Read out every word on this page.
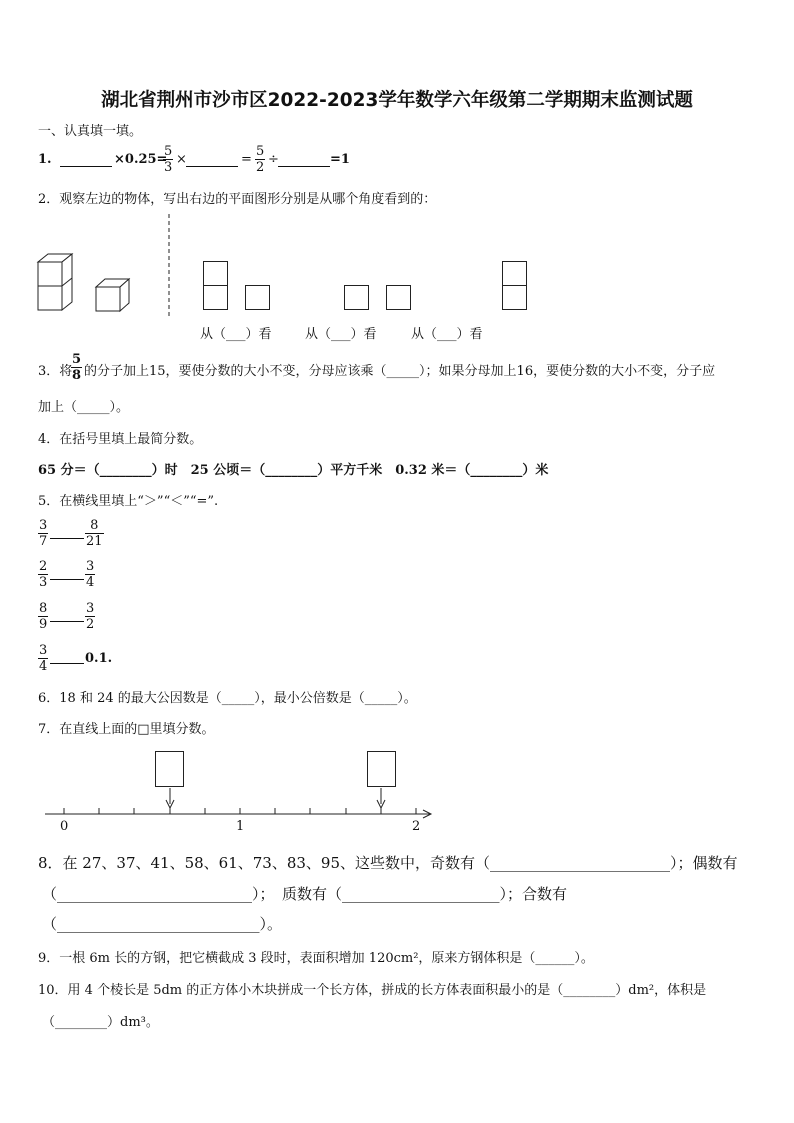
湖北省荆州市沙市区2022-2023学年数学六年级第二学期期末监测试题
一、认真填一填。
1.	×0.25=
$\frac{5}{3}$ ×	= $\frac{5}{2}$ ÷	=1
2．观察左边的物体，写出右边的平面图形分别是从哪个角度看到的：
从（___）看	从（___）看	从（___）看
3．将
$\frac{5}{8}$ 的分子加上15，要使分数的大小不变，分母应该乘（_____）；如果分母加上16，要使分数的大小不变，分子应
加上（_____）。
4．在括号里填上最简分数。
65 分＝（________）时　25 公顷＝（________）平方千米　0.32 米＝（________）米
5．在横线里填上“＞”“＜”“=”.
$\frac{3}{7}$	$\frac{8}{21}$
$\frac{2}{3}$	$\frac{3}{4}$
$\frac{8}{9}$	$\frac{3}{2}$
$\frac{3}{4}$	0.1.
6．18 和 24 的最大公因数是（_____），最小公倍数是（_____）。
7．在直线上面的□里填分数。
0	1	2
8．在 27、37、41、58、61、73、83、95、这些数中，奇数有（________________________）；偶数有
（__________________________）；　质数有（_____________________）；合数有
（___________________________）。
9．一根 6m 长的方钢，把它横截成 3 段时，表面积增加 120cm²，原来方钢体积是（______）。
10．用 4 个棱长是 5dm 的正方体小木块拼成一个长方体，拼成的长方体表面积最小的是（________）dm²，体积是
（________）dm³。
